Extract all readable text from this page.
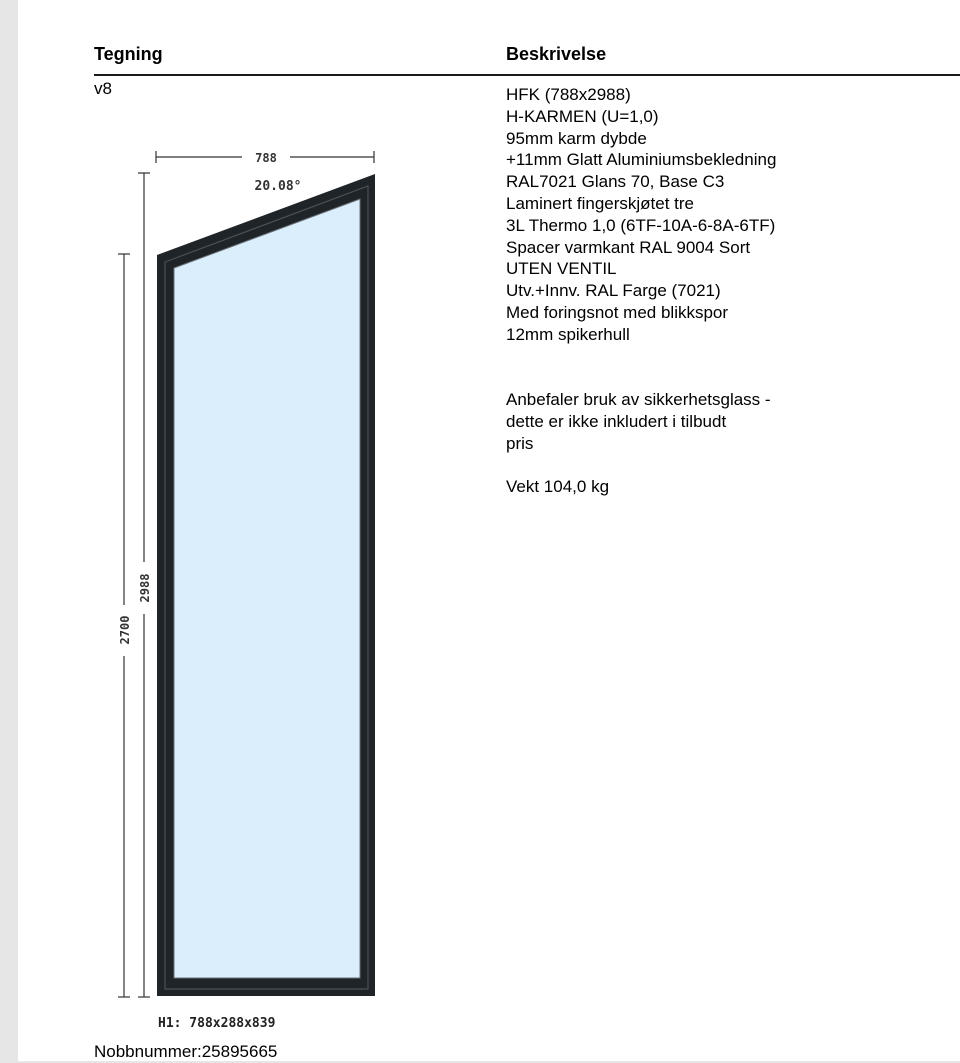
Tegning	Beskrivelse
v8
788
20.08°
2988
2700
H1: 788x288x839
HFK (788x2988)
H-KARMEN (U=1,0)
95mm karm dybde
+11mm Glatt Aluminiumsbekledning
RAL7021 Glans 70, Base C3
Laminert fingerskjøtet tre
3L Thermo 1,0 (6TF-10A-6-8A-6TF)
Spacer varmkant RAL 9004 Sort
UTEN VENTIL
Utv.+Innv. RAL Farge (7021)
Med foringsnot med blikkspor
12mm spikerhull
Anbefaler bruk av sikkerhetsglass -
dette er ikke inkludert i tilbudt
pris
Vekt 104,0 kg
Nobbnummer:25895665
